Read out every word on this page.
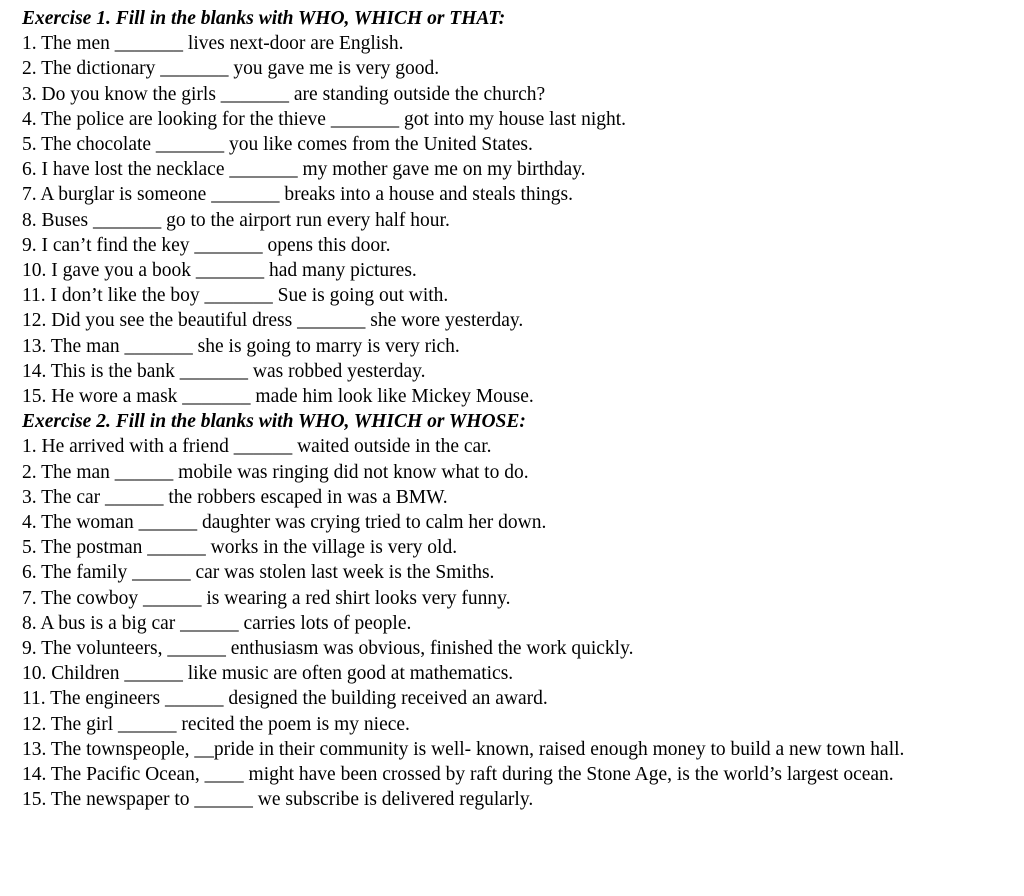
Exercise 1. Fill in the blanks with WHO, WHICH or THAT:

1. The men _______ lives next-door are English.
2. The dictionary _______ you gave me is very good.
3. Do you know the girls _______ are standing outside the church?
4. The police are looking for the thieve _______ got into my house last night.
5. The chocolate _______ you like comes from the United States.
6. I have lost the necklace _______ my mother gave me on my birthday.
7. A burglar is someone _______ breaks into a house and steals things.
8. Buses _______ go to the airport run every half hour.
9. I can’t find the key _______ opens this door.
10. I gave you a book _______ had many pictures.
11. I don’t like the boy _______ Sue is going out with.
12. Did you see the beautiful dress _______ she wore yesterday.
13. The man _______ she is going to marry is very rich.
14. This is the bank _______ was robbed yesterday.
15. He wore a mask _______ made him look like Mickey Mouse.

Exercise 2. Fill in the blanks with WHO, WHICH or WHOSE:

1. He arrived with a friend ______ waited outside in the car.
2. The man ______ mobile was ringing did not know what to do.
3. The car ______ the robbers escaped in was a BMW.
4. The woman ______ daughter was crying tried to calm her down.
5. The postman ______ works in the village is very old.
6. The family ______ car was stolen last week is the Smiths.
7. The cowboy ______ is wearing a red shirt looks very funny.
8. A bus is a big car ______ carries lots of people.
9. The volunteers, ______ enthusiasm was obvious, finished the work quickly.
10. Children ______ like music are often good at mathematics.
11. The engineers ______ designed the building received an award.
12. The girl ______ recited the poem is my niece.
13. The townspeople, __pride in their community is well- known, raised enough money to build a new town hall.
14. The Pacific Ocean, ____ might have been crossed by raft during the Stone Age, is the world’s largest ocean.
15. The newspaper to ______ we subscribe is delivered regularly.
